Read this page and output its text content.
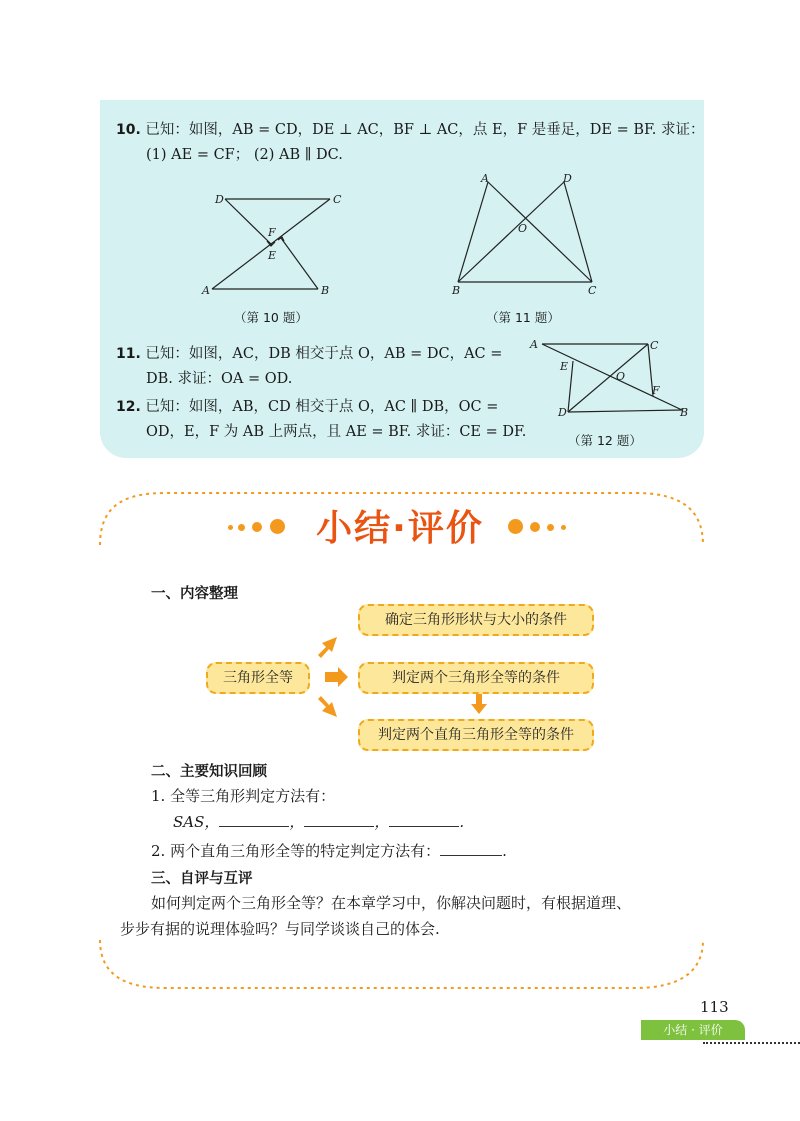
10. 已知：如图，AB = CD，DE ⊥ AC，BF ⊥ AC，点 E，F 是垂足，DE = BF. 求证：
(1) AE = CF； (2) AB ∥ DC.
D	C
A	B
F
E
（第 10 题）
A	D
B	C
O
（第 11 题）
11. 已知：如图，AC，DB 相交于点 O，AB = DC，AC =
DB. 求证：OA = OD.
12. 已知：如图，AB，CD 相交于点 O，AC ∥ DB，OC =
OD，E，F 为 AB 上两点，且 AE = BF. 求证：CE = DF.
A	C
D	B
E
F
O
（第 12 题）
小结·评价
一、内容整理
三角形全等
确定三角形形状与大小的条件
判定两个三角形全等的条件
判定两个直角三角形全等的条件
二、主要知识回顾
1. 全等三角形判定方法有：
SAS，	，	，	.
2. 两个直角三角形全等的特定判定方法有：	.
三、自评与互评
如何判定两个三角形全等？在本章学习中，你解决问题时，有根据道理、
步步有据的说理体验吗？与同学谈谈自己的体会.
113
小结 · 评价
